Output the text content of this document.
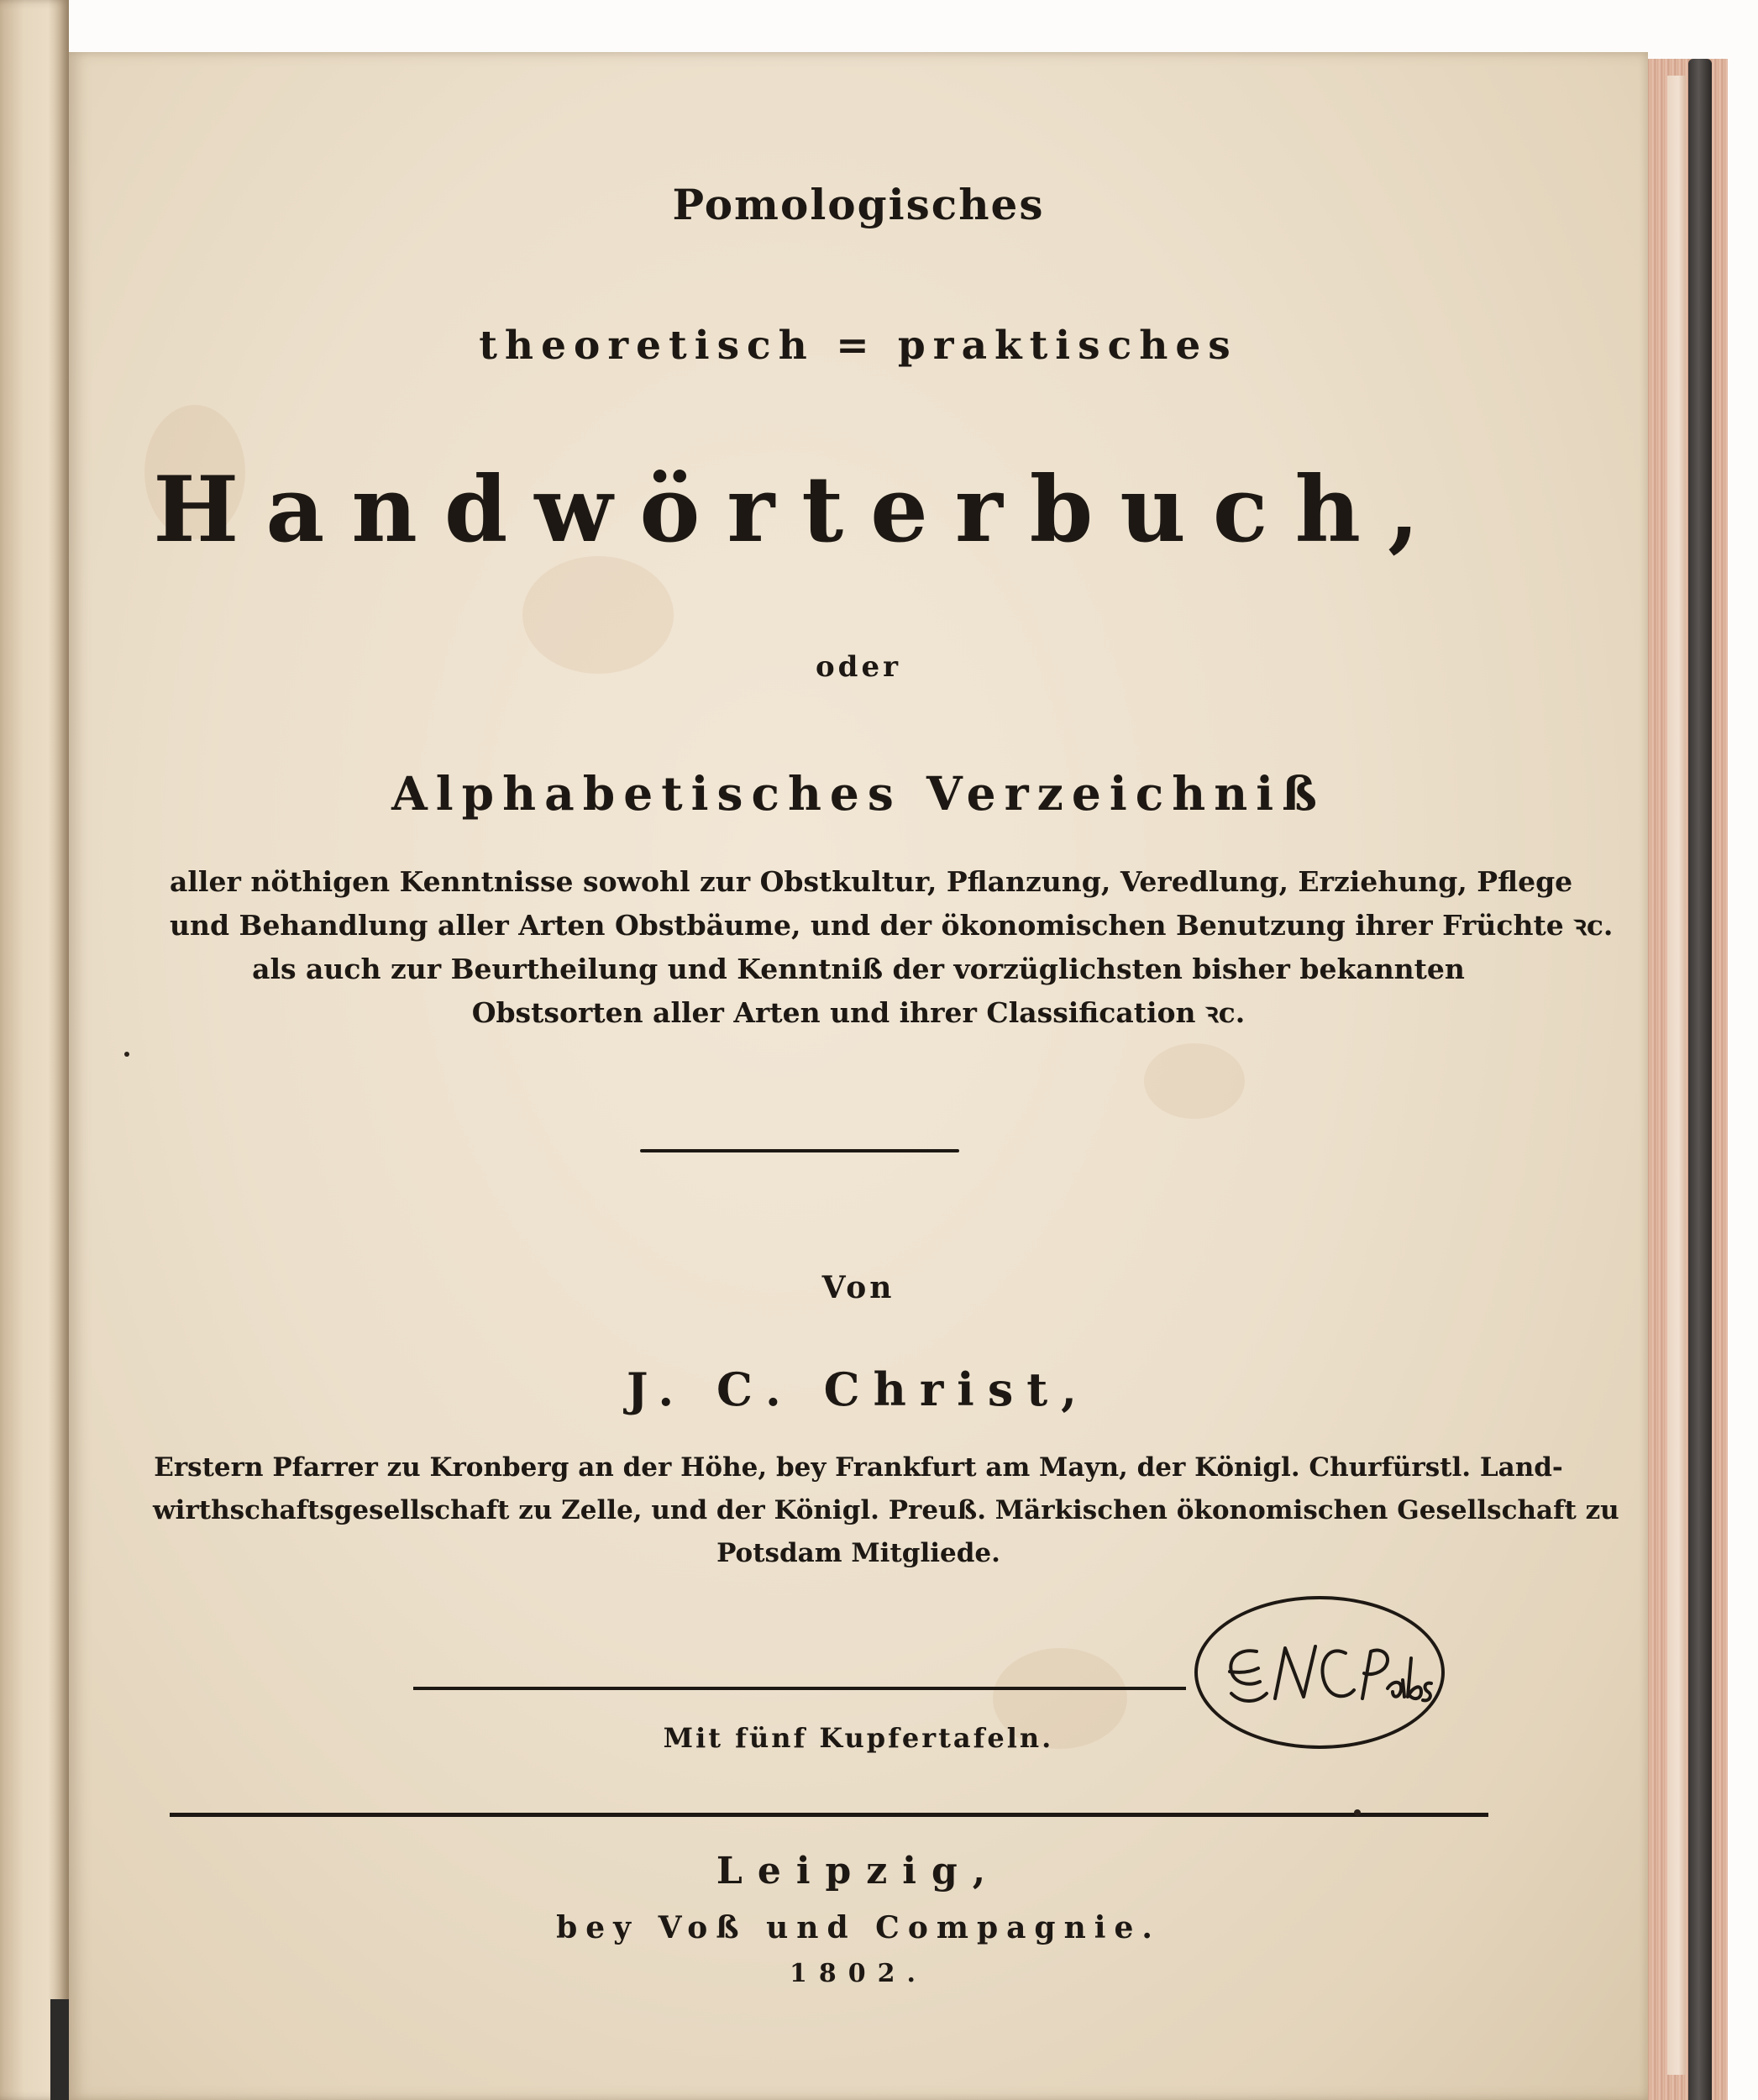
Pomologisches
theoretisch = praktisches
Handwörterbuch,
oder
Alphabetisches Verzeichniß
aller nöthigen Kenntnisse sowohl zur Obstkultur, Pflanzung, Veredlung, Erziehung, Pflege
und Behandlung aller Arten Obstbäume, und der ökonomischen Benutzung ihrer Früchte ꝛc.
als auch zur Beurtheilung und Kenntniß der vorzüglichsten bisher bekannten
Obstsorten aller Arten und ihrer Classification ꝛc.
Von
J. C. Christ,
Erstern Pfarrer zu Kronberg an der Höhe, bey Frankfurt am Mayn, der Königl. Churfürstl. Land-
wirthschaftsgesellschaft zu Zelle, und der Königl. Preuß. Märkischen ökonomischen Gesellschaft zu
Potsdam Mitgliede.
Mit fünf Kupfertafeln.
Leipzig,
bey Voß und Compagnie.
1802.
